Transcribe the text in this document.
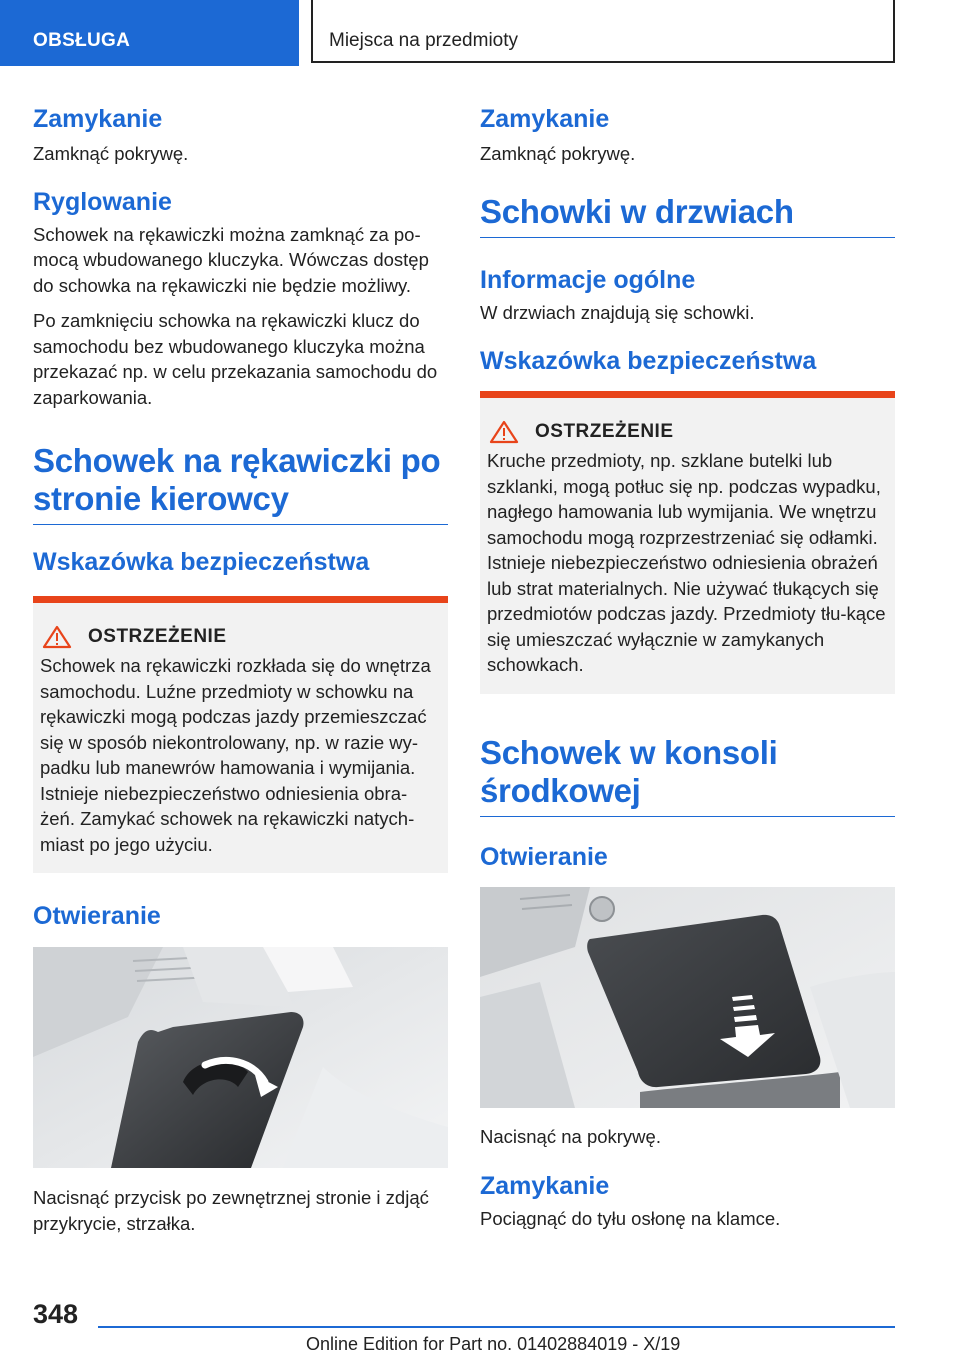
OBSŁUGA	Miejsca na przedmioty
Zamykanie

Zamknąć pokrywę.

Ryglowanie

Schowek na rękawiczki można zamknąć za po-mocą wbudowanego kluczyka. Wówczas dostęp do schowka na rękawiczki nie będzie możliwy.

Po zamknięciu schowka na rękawiczki klucz do samochodu bez wbudowanego kluczyka można przekazać np. w celu przekazania samochodu do zaparkowania.

Schowek na rękawiczki po stronie kierowcy
Wskazówka bezpieczeństwa
OSTRZEŻENIE

Schowek na rękawiczki rozkłada się do wnętrza samochodu. Luźne przedmioty w schowku na rękawiczki mogą podczas jazdy przemieszczać się w sposób niekontrolowany, np. w razie wy-padku lub manewrów hamowania i wymijania. Istnieje niebezpieczeństwo odniesienia obra-żeń. Zamykać schowek na rękawiczki natych-miast po jego użyciu.

Otwieranie

Nacisnąć przycisk po zewnętrznej stronie i zdjąć przykrycie, strzałka.

Zamykanie

Zamknąć pokrywę.

Schowki w drzwiach
Informacje ogólne

W drzwiach znajdują się schowki.

Wskazówka bezpieczeństwa
OSTRZEŻENIE

Kruche przedmioty, np. szklane butelki lub szklanki, mogą potłuc się np. podczas wypadku, nagłego hamowania lub wymijania. We wnętrzu samochodu mogą rozprzestrzeniać się odłamki. Istnieje niebezpieczeństwo odniesienia obrażeń lub strat materialnych. Nie używać tłukących się przedmiotów podczas jazdy. Przedmioty tłu-kące się umieszczać wyłącznie w zamykanych schowkach.

Schowek w konsoli środkowej
Otwieranie

Nacisnąć na pokrywę.

Zamykanie

Pociągnąć do tyłu osłonę na klamce.

348
Online Edition for Part no. 01402884019 - X/19
